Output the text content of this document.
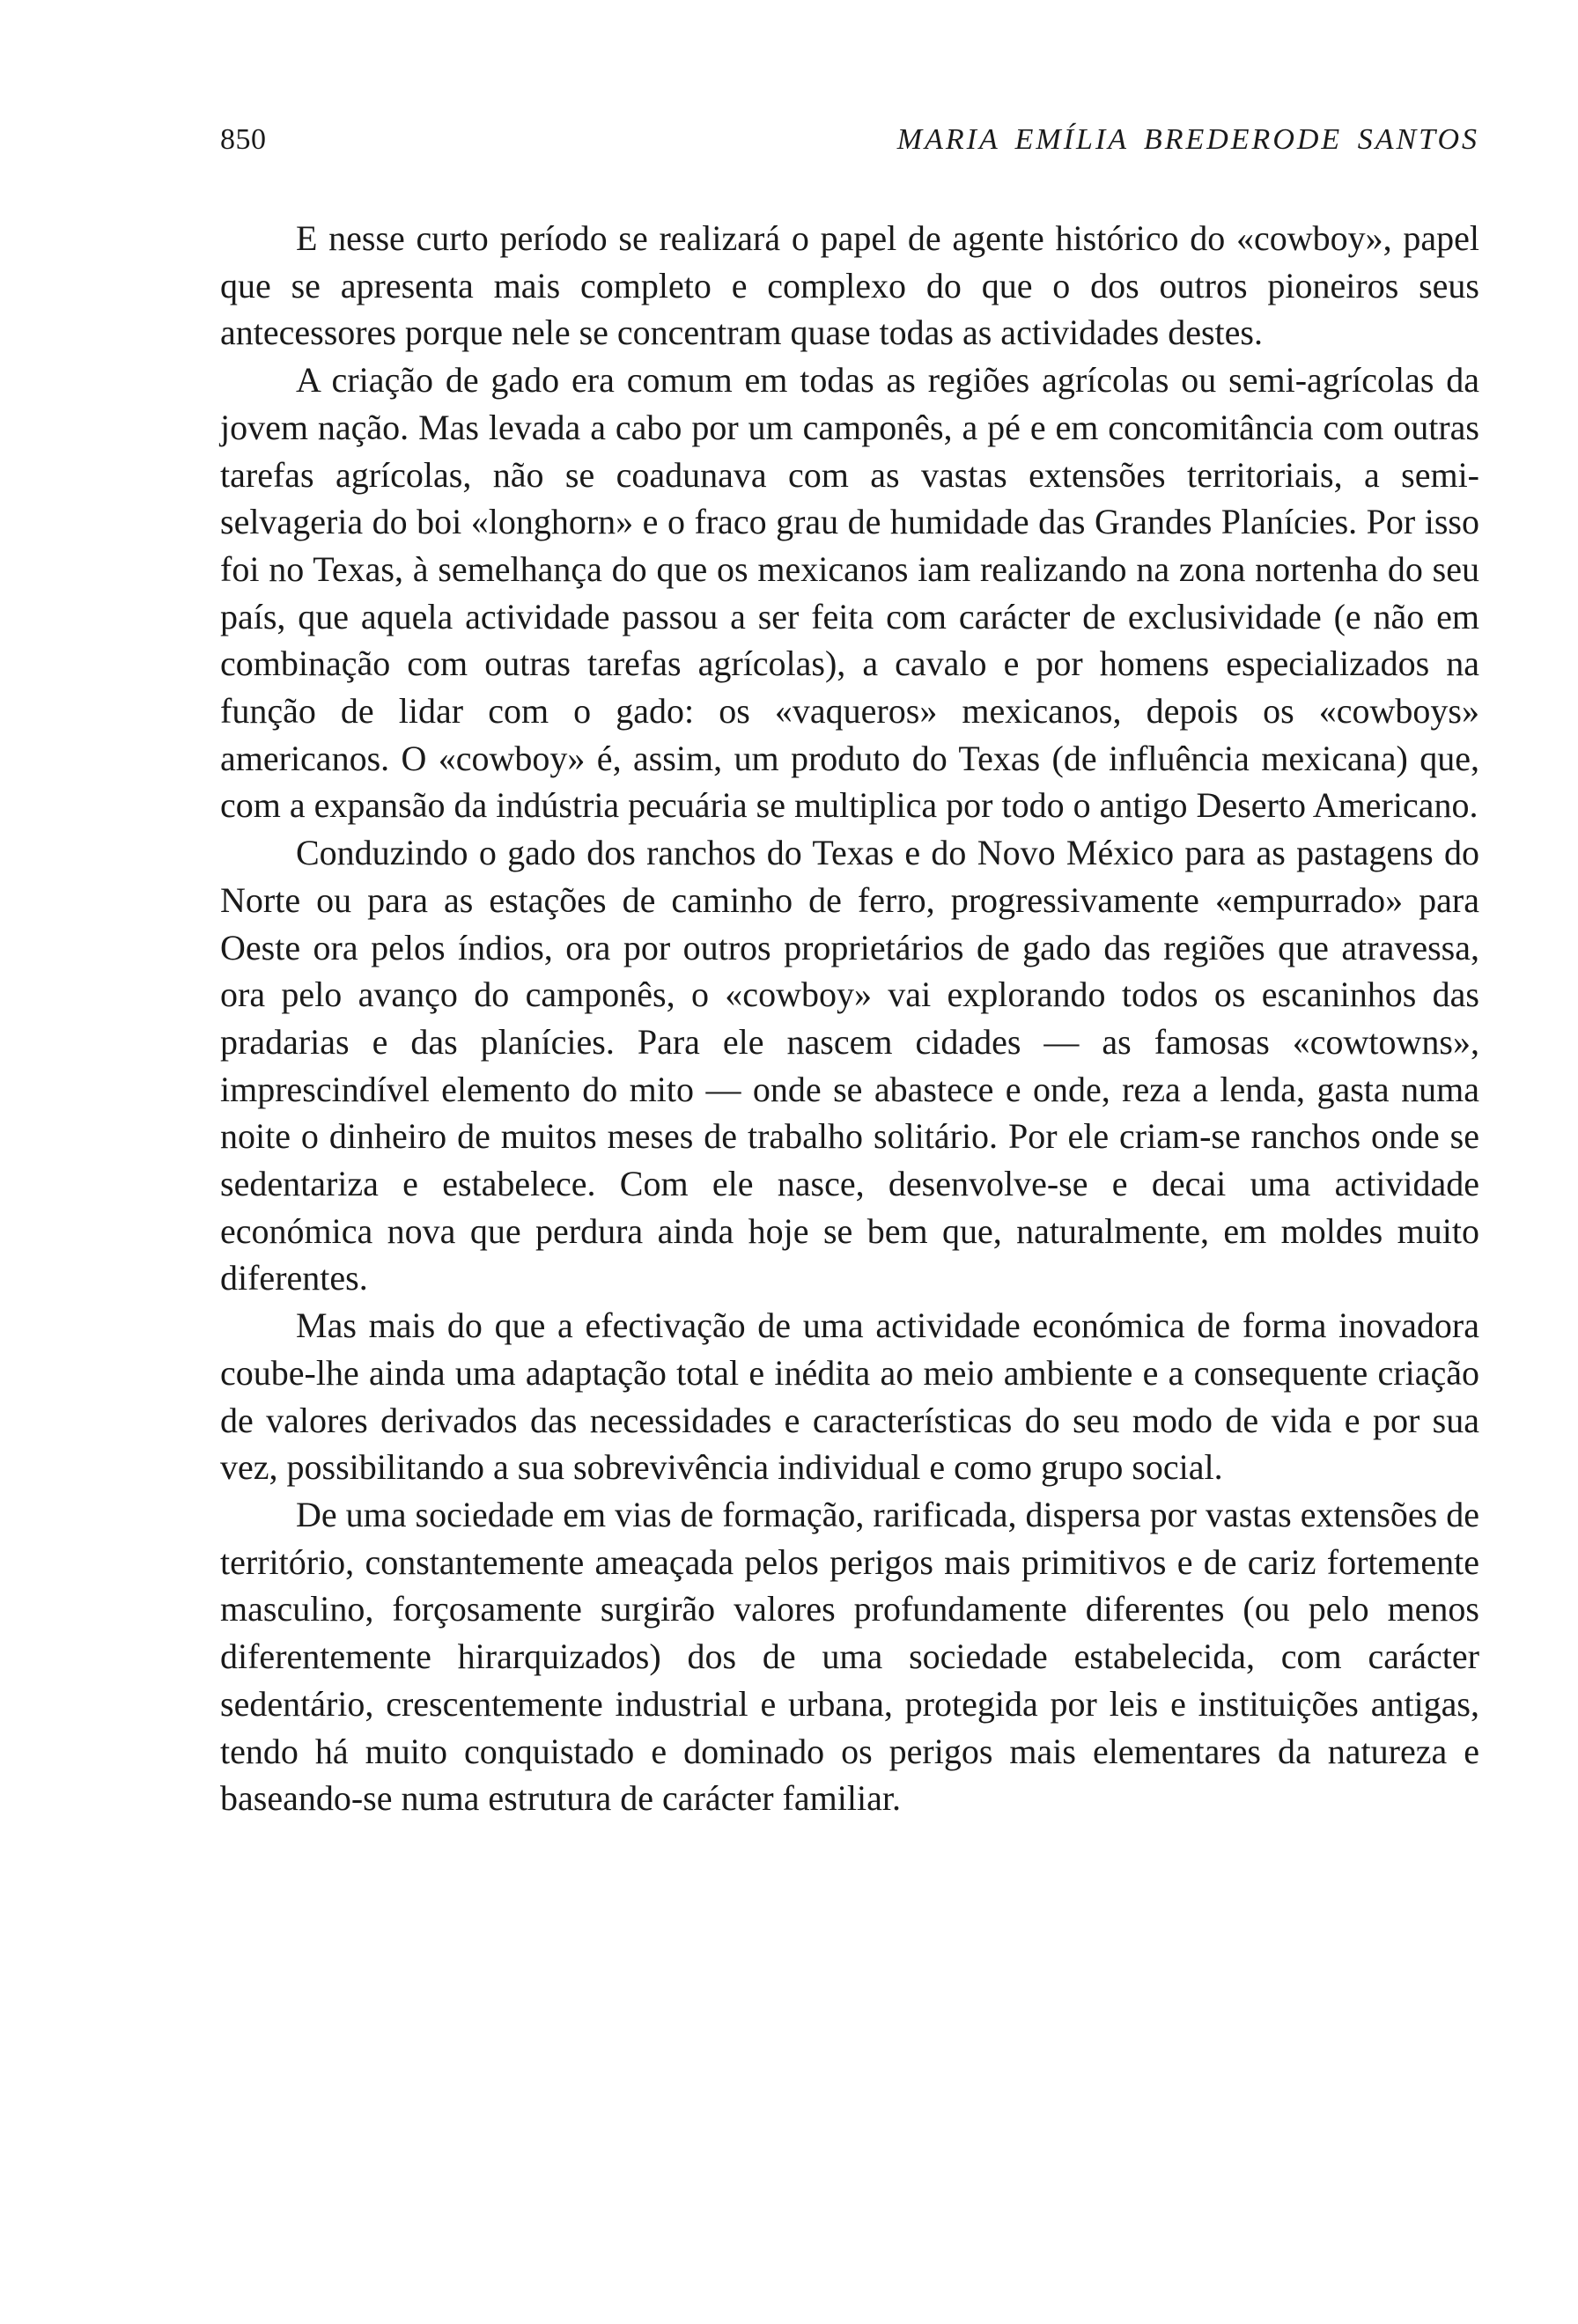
850	MARIA EMÍLIA BREDERODE SANTOS

E nesse curto período se realizará o papel de agente histórico do «cowboy», papel que se apresenta mais completo e complexo do que o dos outros pioneiros seus antecessores porque nele se concentram quase todas as actividades destes.

A criação de gado era comum em todas as regiões agrícolas ou semi-agrícolas da jovem nação. Mas levada a cabo por um camponês, a pé e em concomitância com outras tarefas agrícolas, não se coadunava com as vastas extensões territoriais, a semi-selvageria do boi «longhorn» e o fraco grau de humidade das Grandes Planícies. Por isso foi no Texas, à semelhança do que os mexicanos iam realizando na zona nortenha do seu país, que aquela actividade passou a ser feita com carácter de exclusividade (e não em combinação com outras tarefas agrícolas), a cavalo e por homens especializados na função de lidar com o gado: os «vaqueros» mexicanos, depois os «cowboys» americanos. O «cowboy» é, assim, um produto do Texas (de influência mexicana) que, com a expansão da indústria pecuária se multiplica por todo o antigo Deserto Americano.

Conduzindo o gado dos ranchos do Texas e do Novo México para as pastagens do Norte ou para as estações de caminho de ferro, progressivamente «empurrado» para Oeste ora pelos índios, ora por outros proprietários de gado das regiões que atravessa, ora pelo avanço do camponês, o «cowboy» vai explorando todos os escaninhos das pradarias e das planícies. Para ele nascem cidades — as famosas «cowtowns», imprescindível elemento do mito — onde se abastece e onde, reza a lenda, gasta numa noite o dinheiro de muitos meses de trabalho solitário. Por ele criam-se ranchos onde se sedentariza e estabelece. Com ele nasce, desenvolve-se e decai uma actividade económica nova que perdura ainda hoje se bem que, naturalmente, em moldes muito diferentes.

Mas mais do que a efectivação de uma actividade económica de forma inovadora coube-lhe ainda uma adaptação total e inédita ao meio ambiente e a consequente criação de valores derivados das necessidades e características do seu modo de vida e por sua vez, possibilitando a sua sobrevivência individual e como grupo social.

De uma sociedade em vias de formação, rarificada, dispersa por vastas extensões de território, constantemente ameaçada pelos perigos mais primitivos e de cariz fortemente masculino, forçosamente surgirão valores profundamente diferentes (ou pelo menos diferentemente hirarquizados) dos de uma sociedade estabelecida, com carácter sedentário, crescentemente industrial e urbana, protegida por leis e instituições antigas, tendo há muito conquistado e dominado os perigos mais elementares da natureza e baseando-se numa estrutura de carácter familiar.
